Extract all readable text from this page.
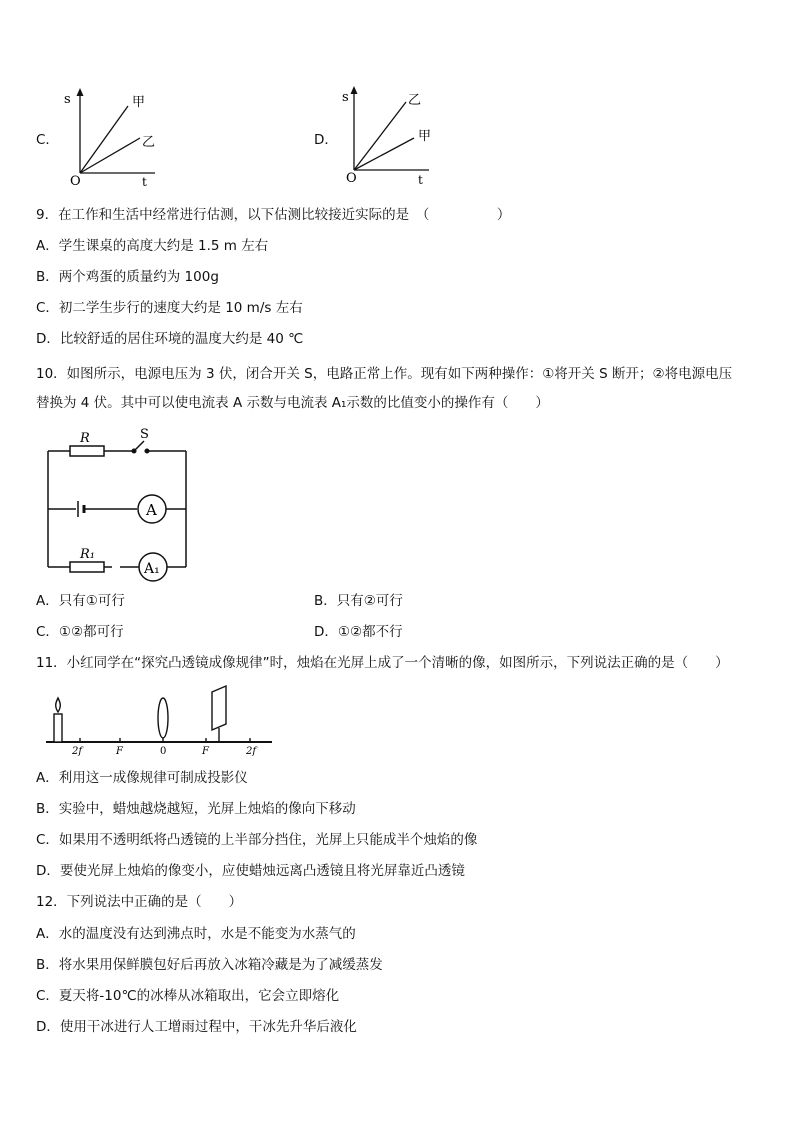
C．
s
t
O
甲
乙	D．
s
t
O
乙
甲
9．在工作和生活中经常进行估测，以下估测比较接近实际的是　（　　　　　）
A．学生课桌的高度大约是 1.5 m 左右
B．两个鸡蛋的质量约为 100g
C．初二学生步行的速度大约是 10 m/s 左右
D．比较舒适的居住环境的温度大约是 40 ℃
10．如图所示，电源电压为 3 伏，闭合开关 S，电路正常上作。现有如下两种操作：①将开关 S 断开；②将电源电压
替换为 4 伏。其中可以使电流表 A 示数与电流表 A₁示数的比值变小的操作有（　　）
R	S
A
R₁
A₁
A．只有①可行	B．只有②可行
C．①②都可行	D．①②都不行
11．小红同学在“探究凸透镜成像规律”时，烛焰在光屏上成了一个清晰的像，如图所示，下列说法正确的是（　　）
2f	F	0	F	2f
A．利用这一成像规律可制成投影仪
B．实验中，蜡烛越烧越短，光屏上烛焰的像向下移动
C．如果用不透明纸将凸透镜的上半部分挡住，光屏上只能成半个烛焰的像
D．要使光屏上烛焰的像变小，应使蜡烛远离凸透镜且将光屏靠近凸透镜
12．下列说法中正确的是（　　）
A．水的温度没有达到沸点时，水是不能变为水蒸气的
B．将水果用保鲜膜包好后再放入冰箱冷藏是为了减缓蒸发
C．夏天将-10℃的冰棒从冰箱取出，它会立即熔化
D．使用干冰进行人工增雨过程中，干冰先升华后液化
